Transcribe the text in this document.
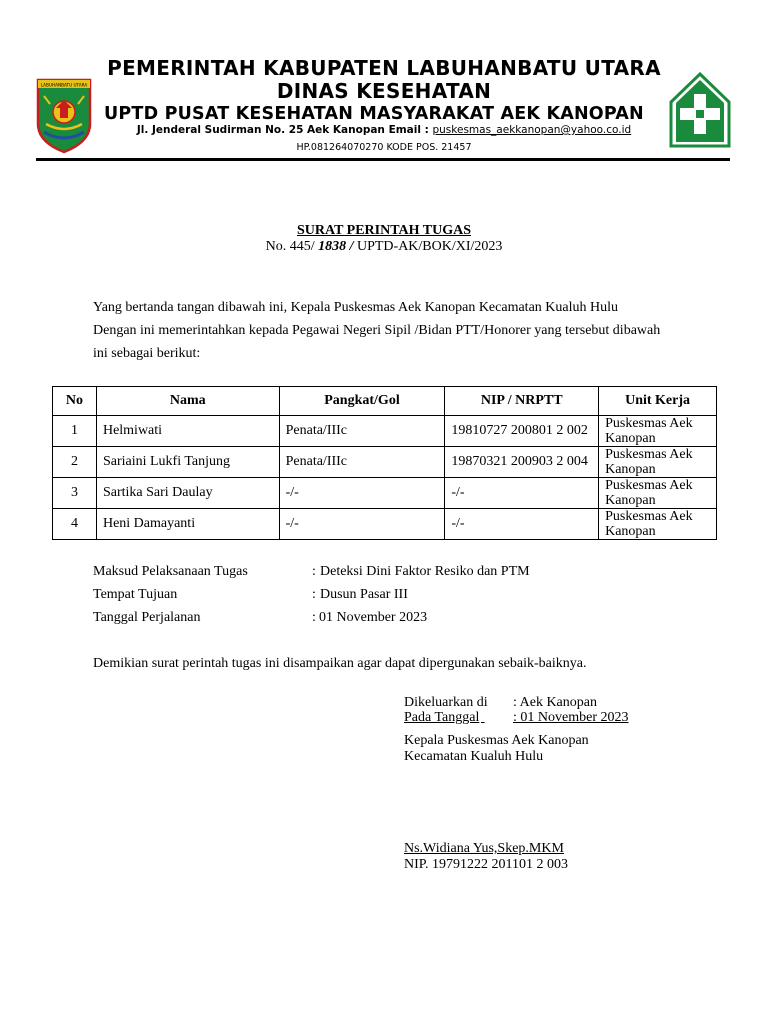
LABUHANBATU UTARA
PEMERINTAH KABUPATEN LABUHANBATU UTARA
DINAS KESEHATAN
UPTD PUSAT KESEHATAN MASYARAKAT AEK KANOPAN
Jl. Jenderal Sudirman No. 25 Aek Kanopan Email : puskesmas_aekkanopan@yahoo.co.id
HP.081264070270 KODE POS. 21457
SURAT PERINTAH TUGAS
No. 445/ 1838 / UPTD-AK/BOK/XI/2023
Yang bertanda tangan dibawah ini, Kepala Puskesmas Aek Kanopan Kecamatan Kualuh Hulu
Dengan ini memerintahkan kepada Pegawai Negeri Sipil /Bidan PTT/Honorer yang tersebut dibawah
ini sebagai berikut:
No	Nama	Pangkat/Gol	NIP / NRPTT	Unit Kerja
1	Helmiwati	Penata/IIIc	19810727 200801 2 002	Puskesmas Aek
Kanopan
2	Sariaini Lukfi Tanjung	Penata/IIIc	19870321 200903 2 004	Puskesmas Aek
Kanopan
3	Sartika Sari Daulay	-/-	-/-	Puskesmas Aek
Kanopan
4	Heni Damayanti	-/-	-/-	Puskesmas Aek
Kanopan
Maksud Pelaksanaan Tugas	: Deteksi Dini Faktor Resiko dan PTM
Tempat Tujuan	: Dusun Pasar III
Tanggal Perjalanan	: 01 November 2023
Demikian surat perintah tugas ini disampaikan agar dapat dipergunakan sebaik-baiknya.
Dikeluarkan di : Aek Kanopan
Pada Tanggal
: 01 November 2023
Kepala Puskesmas Aek Kanopan
Kecamatan Kualuh Hulu
Ns.Widiana Yus,Skep.MKM
NIP. 19791222 201101 2 003
